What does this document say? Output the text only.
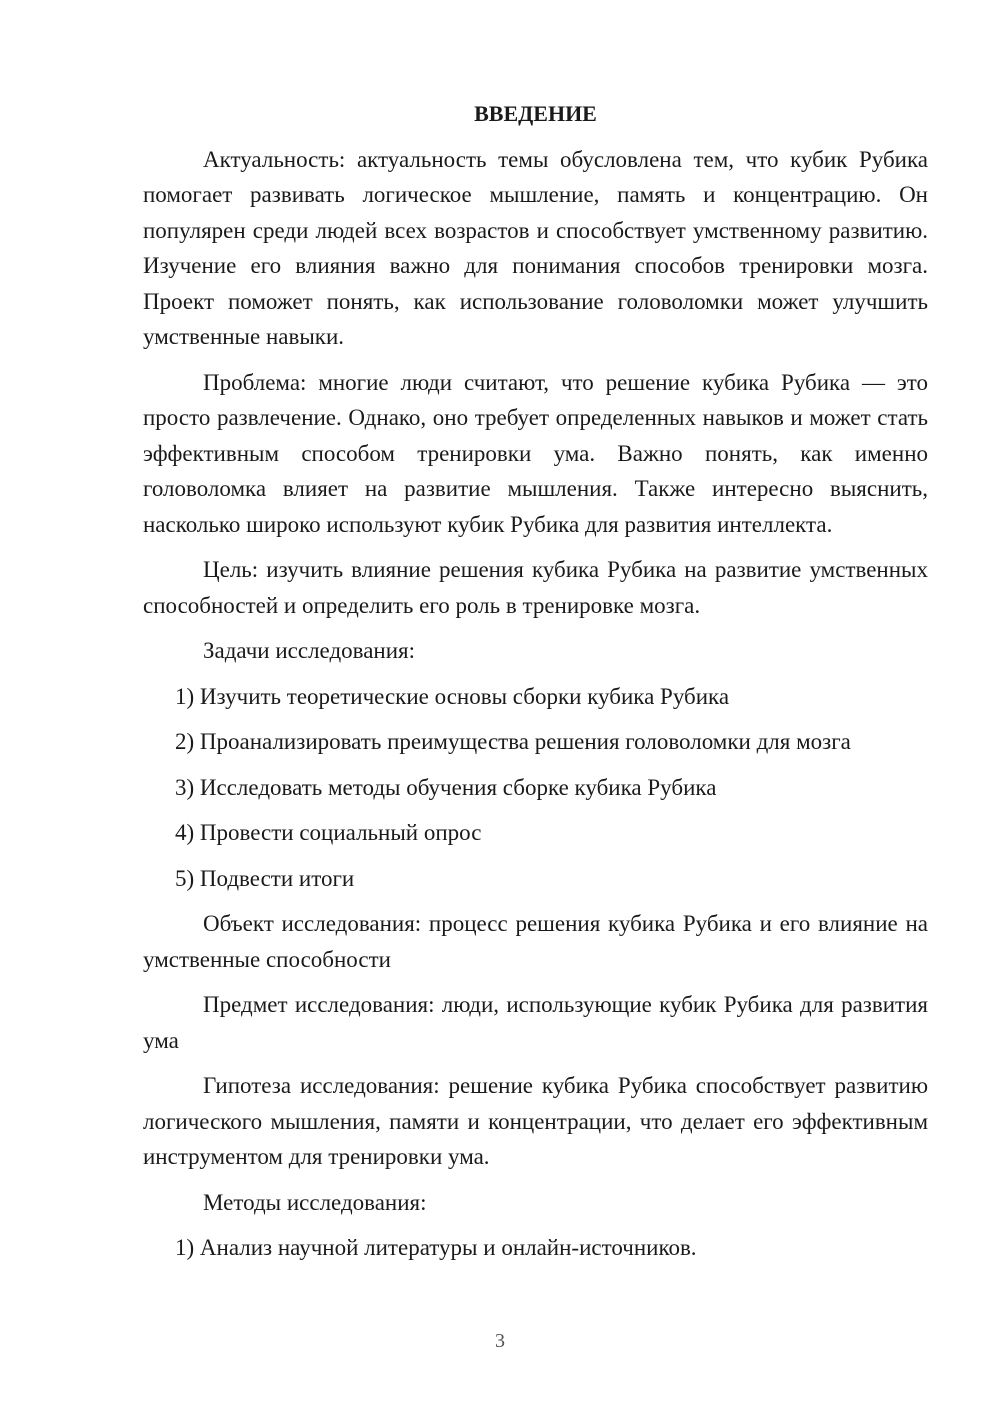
ВВЕДЕНИЕ

Актуальность: актуальность темы обусловлена тем, что кубик Рубика помогает развивать логическое мышление, память и концентрацию. Он популярен среди людей всех возрастов и способствует умственному развитию. Изучение его влияния важно для понимания способов тренировки мозга. Проект поможет понять, как использование головоломки может улучшить умственные навыки.

Проблема: многие люди считают, что решение кубика Рубика — это просто развлечение. Однако, оно требует определенных навыков и может стать эффективным способом тренировки ума. Важно понять, как именно головоломка влияет на развитие мышления. Также интересно выяснить, насколько широко используют кубик Рубика для развития интеллекта.

Цель: изучить влияние решения кубика Рубика на развитие умственных способностей и определить его роль в тренировке мозга.

Задачи исследования:

1) Изучить теоретические основы сборки кубика Рубика
2) Проанализировать преимущества решения головоломки для мозга
3) Исследовать методы обучения сборке кубика Рубика
4) Провести социальный опрос
5) Подвести итоги

Объект исследования: процесс решения кубика Рубика и его влияние на умственные способности

Предмет исследования: люди, использующие кубик Рубика для развития ума

Гипотеза исследования: решение кубика Рубика способствует развитию логического мышления, памяти и концентрации, что делает его эффективным инструментом для тренировки ума.

Методы исследования:

1) Анализ научной литературы и онлайн-источников.
3
